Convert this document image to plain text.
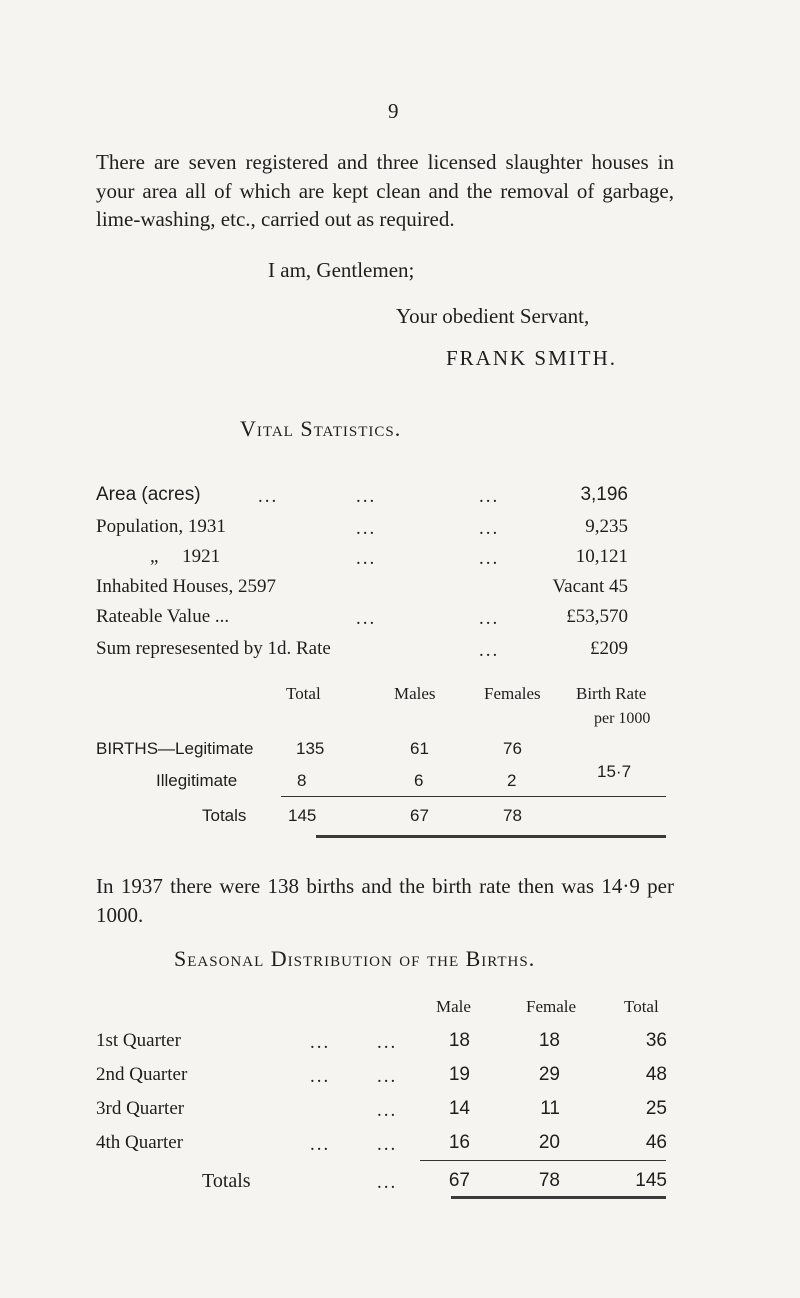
9
There are seven registered and three licensed slaughter houses in your area all of which are kept clean and the removal of garbage, lime-washing, etc., carried out as required.
I am, Gentlemen;
Your obedient Servant,
FRANK SMITH.
Vital Statistics.
Area (acres)	...	...	...	3,196
Population, 1931	...	...	9,235
„     1921	...	...	10,121
Inhabited Houses, 2597	Vacant 45
Rateable Value ...	...	...	£53,570
Sum represesented by 1d. Rate	...	£209
Total	Males	Females Birth Rate
per 1000
BIRTHS—Legitimate	135	61	76
Illegitimate	8	6	2	15·7
Totals 145	67	78
In 1937 there were 138 births and the birth rate then was 14·9 per 1000.
Seasonal Distribution of the Births.
Male	Female	Total
1st Quarter	... ...	18	18	36
2nd Quarter	... ...	19	29	48
3rd Quarter	...	14	11	25
4th Quarter	... ...	16	20	46
Totals	...	67	78	145
